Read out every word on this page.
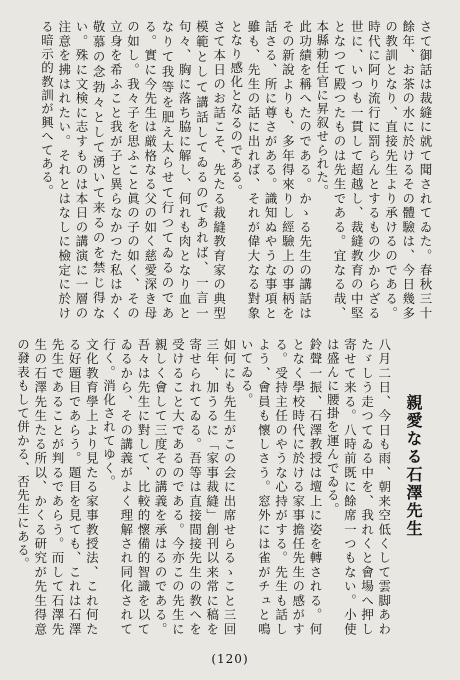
さて御話は裁縫に就て聞されてゐた。春秋三十餘年、お茶の水に於けるその體驗は、今日幾多の教訓となり、直接先生より承けるのである。時代に阿り流行に罰らんとするもの少からざる世に、いつも一貫して超越し、裁縫教育の中堅となつて殿つたものは先生である。宜なる哉、本縣勅任官に昇叙せられた。

此功績を稱へたのである。かゝる先生の講話はその新說よりも、多年得來りし經驗上の事柄を話さる、所に尊さがある。識知ぬやうな事項と雖も、先生の話に出れば、それが偉大なる對象となり感化となるのである。

さて本日のお話こそ、先たる裁縫教育家の典型模範として講話してゐるのであれば、一言一句々、胸に落ち脇に解し、何れも肉となり血となりて我等を肥え太らせて行つてゐるのである。實に今先生は厳格なる父の如く慈愛深き母の如し。我々子を思ふこと眞の子の如く、その立身を希ふこと我が子と異らなかつた私はかく敬慕の念勃々として湧いて来るのを禁じ得ない。殊に文検に志すものは本日の講演に一層の注意を拂はれたい。それとはなしに檢定に於ける暗示的教訓が興へてある。

親愛なる石澤先生

八月二日、今日も雨、朝来空低くして雲脚あわたゞしう走つてゐる中を、我れくと會場へ押し寄せて来る。八時前既に餘席一つもない。小使は盛んに腰掛を運んでゐる。

鈴聲一振、石澤教授は壇上に姿を轉される。何となく學校時代に於ける家事擔任先生の感がする。受持主任のやうな心持がする。先生も話しよう、會員も懷しさう。窓外には雀がチュと鳴いてゐる。

如何にも先生がこの会に出席せらるゝこと三回三年、加うるに「家事裁縫」創刊以来常に稿を寄せられてゐる。吾等は直接間接先生の教へを受けること大であるのである。今亦この先生に親しく會して三度その講義を承はるのである。吾々は先生に對して、比較的懷備的智識を以てゐるから、その講義がよく理解され同化されて行く。消化されてゆく。

文化教育學上より見たる家事教授法、これ何たる好題目であらう。題目を見ても、これは石澤先生であることが判るであらう。而して石澤先生の石澤先生たる所以、かくる研究が先生得意の發表もして併かる、否先生にある。

(120)
